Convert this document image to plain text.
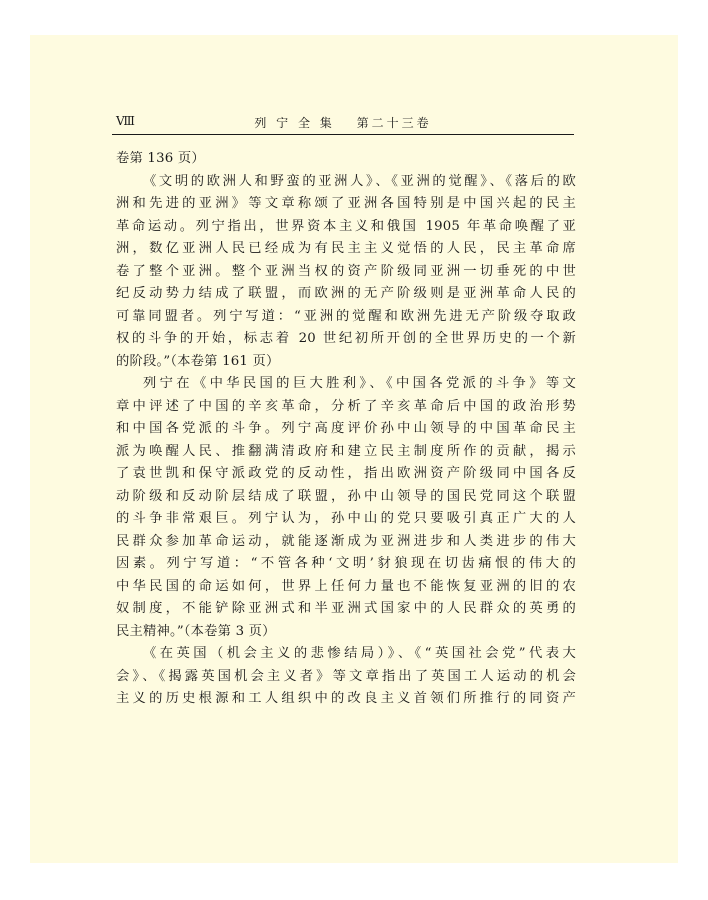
Ⅷ	列 宁 全 集　 第二十三卷
卷第 136 页）
《文明的欧洲人和野蛮的亚洲人》、《亚洲的觉醒》、《落后的欧
洲和先进的亚洲》等文章称颂了亚洲各国特别是中国兴起的民主
革命运动。列宁指出，世界资本主义和俄国 1905 年革命唤醒了亚
洲，数亿亚洲人民已经成为有民主主义觉悟的人民，民主革命席
卷了整个亚洲。整个亚洲当权的资产阶级同亚洲一切垂死的中世
纪反动势力结成了联盟，而欧洲的无产阶级则是亚洲革命人民的
可靠同盟者。列宁写道：“亚洲的觉醒和欧洲先进无产阶级夺取政
权的斗争的开始，标志着 20 世纪初所开创的全世界历史的一个新
的阶段。”（本卷第 161 页）
列宁在《中华民国的巨大胜利》、《中国各党派的斗争》等文
章中评述了中国的辛亥革命，分析了辛亥革命后中国的政治形势
和中国各党派的斗争。列宁高度评价孙中山领导的中国革命民主
派为唤醒人民、推翻满清政府和建立民主制度所作的贡献，揭示
了袁世凯和保守派政党的反动性，指出欧洲资产阶级同中国各反
动阶级和反动阶层结成了联盟，孙中山领导的国民党同这个联盟
的斗争非常艰巨。列宁认为，孙中山的党只要吸引真正广大的人
民群众参加革命运动，就能逐渐成为亚洲进步和人类进步的伟大
因素。列宁写道：“不管各种‘文明’豺狼现在切齿痛恨的伟大的
中华民国的命运如何，世界上任何力量也不能恢复亚洲的旧的农
奴制度，不能铲除亚洲式和半亚洲式国家中的人民群众的英勇的
民主精神。”（本卷第 3 页）
《在英国（机会主义的悲惨结局）》、《“英国社会党”代表大
会》、《揭露英国机会主义者》等文章指出了英国工人运动的机会
主义的历史根源和工人组织中的改良主义首领们所推行的同资产
